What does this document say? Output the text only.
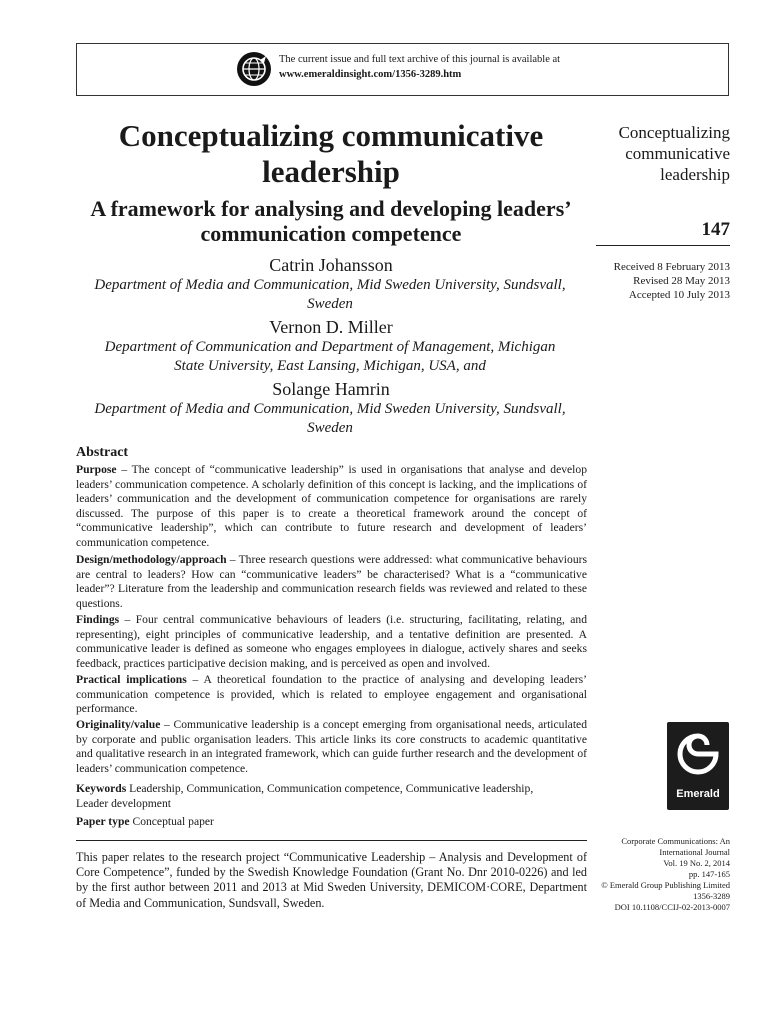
The current issue and full text archive of this journal is available at
www.emeraldinsight.com/1356-3289.htm
Conceptualizing communicative leadership
A framework for analysing and developing leaders’ communication competence
Catrin Johansson
Department of Media and Communication, Mid Sweden University, Sundsvall, Sweden
Vernon D. Miller
Department of Communication and Department of Management, Michigan State University, East Lansing, Michigan, USA, and
Solange Hamrin
Department of Media and Communication, Mid Sweden University, Sundsvall, Sweden
Conceptualizing communicative leadership
147
Received 8 February 2013
Revised 28 May 2013
Accepted 10 July 2013
Emerald
Corporate Communications: An International Journal
Vol. 19 No. 2, 2014
pp. 147-165
© Emerald Group Publishing Limited
1356-3289
DOI 10.1108/CCIJ-02-2013-0007
Abstract
Purpose – The concept of “communicative leadership” is used in organisations that analyse and develop leaders’ communication competence. A scholarly definition of this concept is lacking, and the implications of leaders’ communication and the development of communication competence for organisations are rarely discussed. The purpose of this paper is to create a theoretical framework around the concept of “communicative leadership”, which can contribute to future research and development of leaders’ communication competence.
Design/methodology/approach – Three research questions were addressed: what communicative behaviours are central to leaders? How can “communicative leaders” be characterised? What is a “communicative leader”? Literature from the leadership and communication research fields was reviewed and related to these questions.
Findings – Four central communicative behaviours of leaders (i.e. structuring, facilitating, relating, and representing), eight principles of communicative leadership, and a tentative definition are presented. A communicative leader is defined as someone who engages employees in dialogue, actively shares and seeks feedback, practices participative decision making, and is perceived as open and involved.
Practical implications – A theoretical foundation to the practice of analysing and developing leaders’ communication competence is provided, which is related to employee engagement and organisational performance.
Originality/value – Communicative leadership is a concept emerging from organisational needs, articulated by corporate and public organisation leaders. This article links its core constructs to academic quantitative and qualitative research in an integrated framework, which can guide further research and the development of leaders’ communication competence.
Keywords Leadership, Communication, Communication competence, Communicative leadership, Leader development
Paper type Conceptual paper
This paper relates to the research project “Communicative Leadership – Analysis and Development of Core Competence”, funded by the Swedish Knowledge Foundation (Grant No. Dnr 2010-0226) and led by the first author between 2011 and 2013 at Mid Sweden University, DEMICOM·CORE, Department of Media and Communication, Sundsvall, Sweden.
